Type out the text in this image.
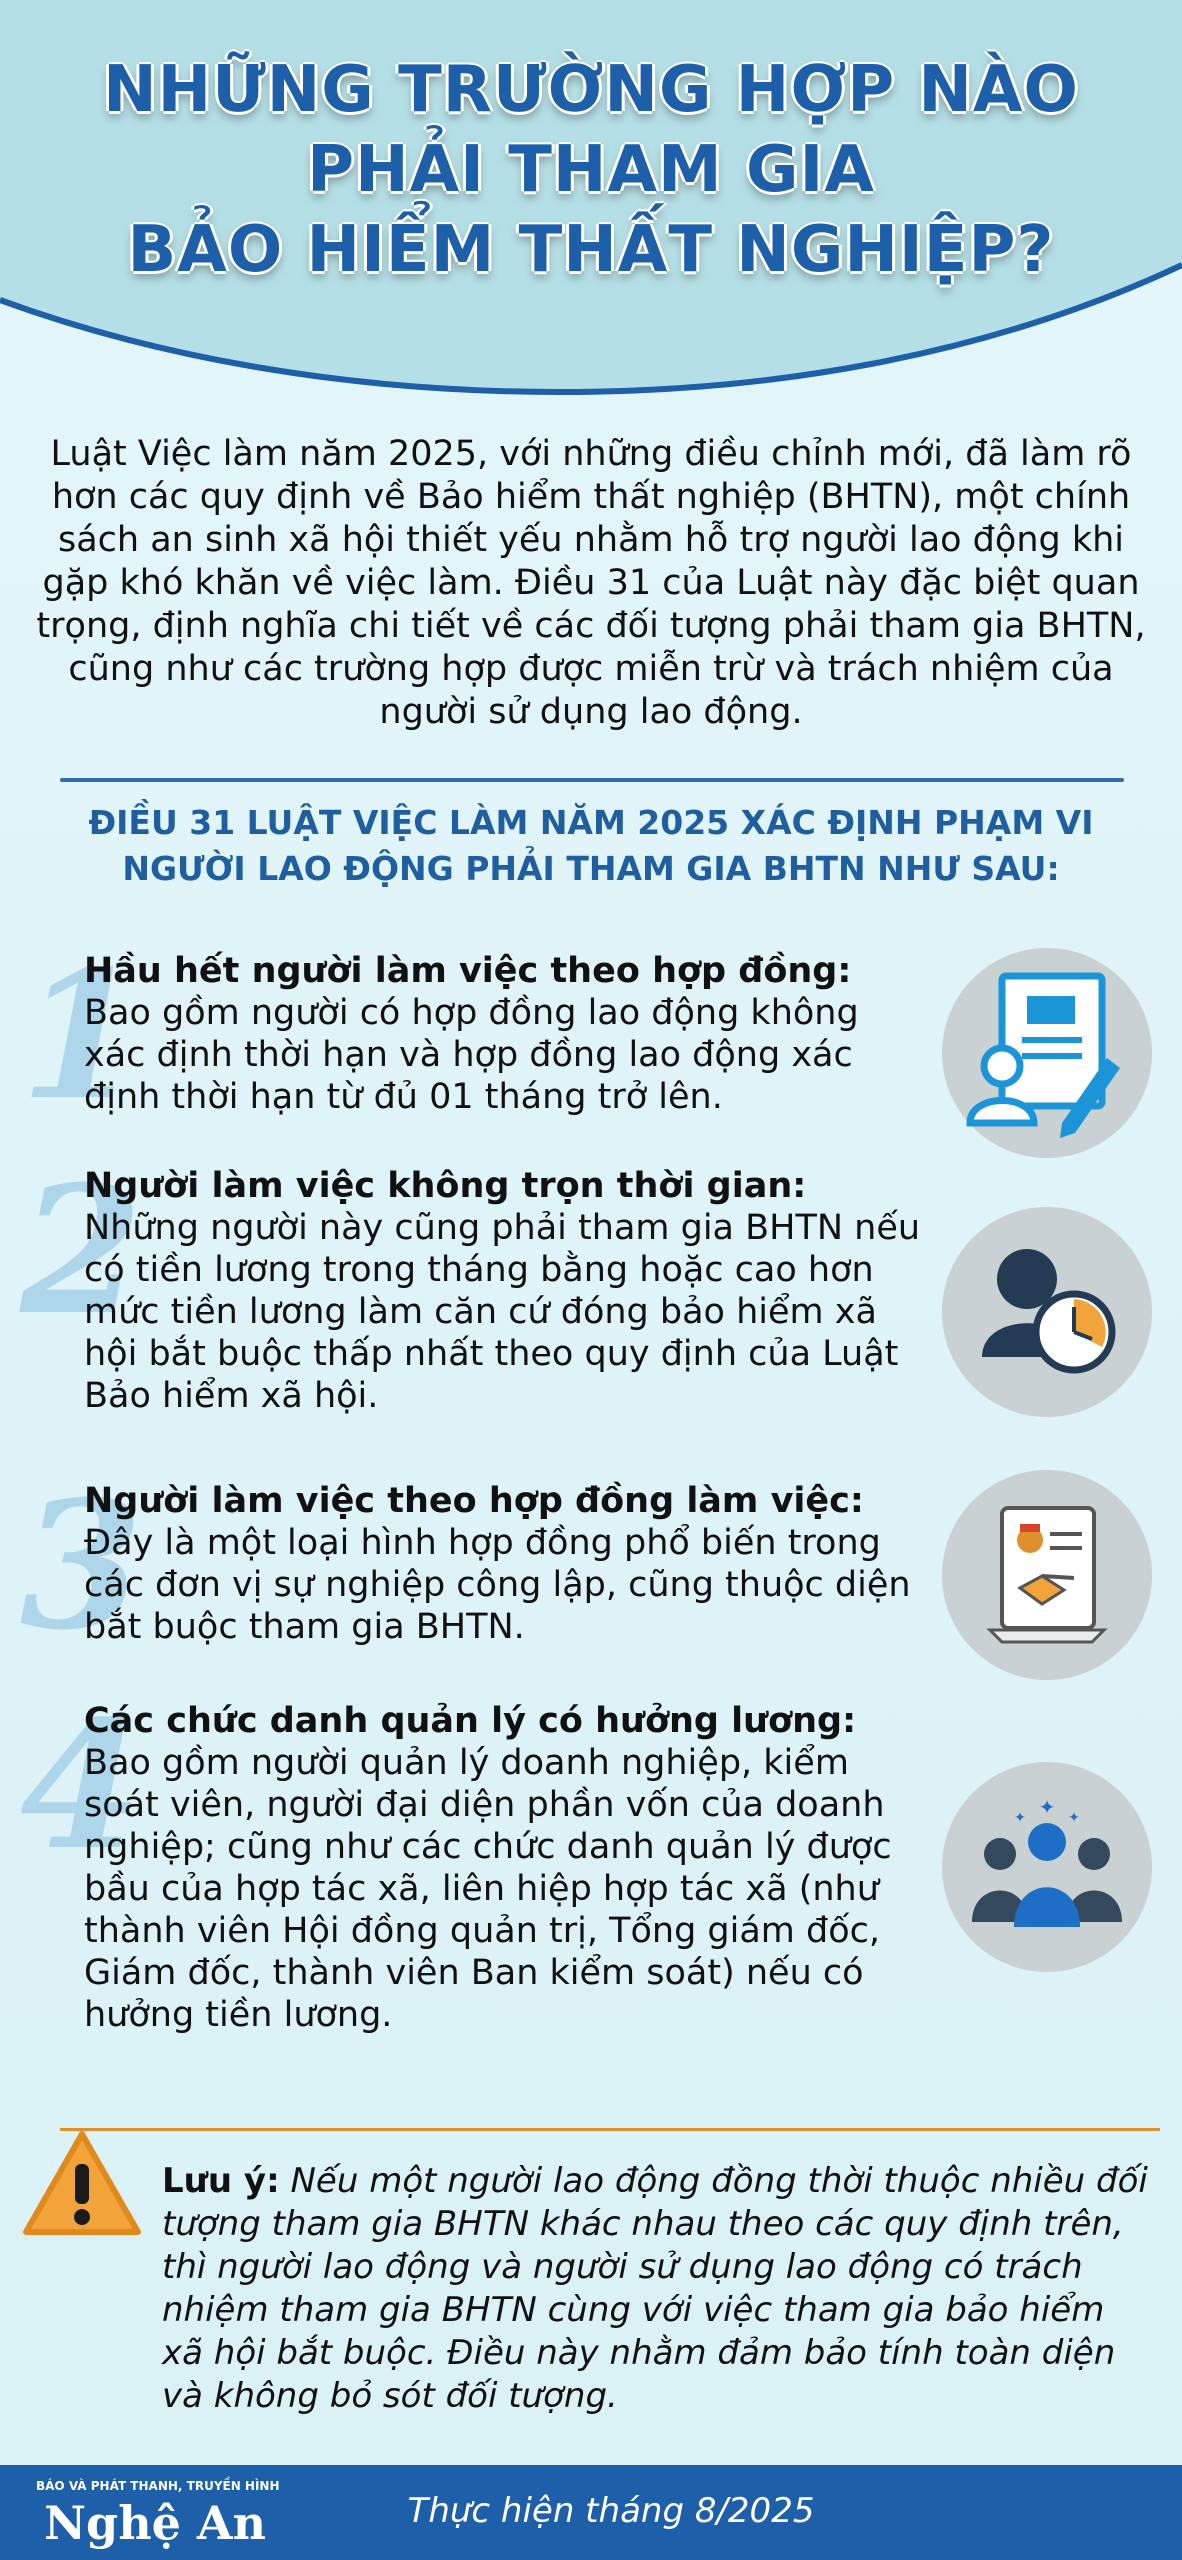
NHỮNG TRƯỜNG HỢP NÀO
PHẢI THAM GIA
BẢO HIỂM THẤT NGHIỆP?

Luật Việc làm năm 2025, với những điều chỉnh mới, đã làm rõ hơn các quy định về Bảo hiểm thất nghiệp (BHTN), một chính sách an sinh xã hội thiết yếu nhằm hỗ trợ người lao động khi gặp khó khăn về việc làm. Điều 31 của Luật này đặc biệt quan trọng, định nghĩa chi tiết về các đối tượng phải tham gia BHTN, cũng như các trường hợp được miễn trừ và trách nhiệm của người sử dụng lao động.

ĐIỀU 31 LUẬT VIỆC LÀM NĂM 2025 XÁC ĐỊNH PHẠM VI NGƯỜI LAO ĐỘNG PHẢI THAM GIA BHTN NHƯ SAU:

1
Hầu hết người làm việc theo hợp đồng:
Bao gồm người có hợp đồng lao động không xác định thời hạn và hợp đồng lao động xác định thời hạn từ đủ 01 tháng trở lên.
2
Người làm việc không trọn thời gian:
Những người này cũng phải tham gia BHTN nếu có tiền lương trong tháng bằng hoặc cao hơn mức tiền lương làm căn cứ đóng bảo hiểm xã hội bắt buộc thấp nhất theo quy định của Luật Bảo hiểm xã hội.
3
Người làm việc theo hợp đồng làm việc:
Đây là một loại hình hợp đồng phổ biến trong các đơn vị sự nghiệp công lập, cũng thuộc diện bắt buộc tham gia BHTN.
4
Các chức danh quản lý có hưởng lương:
Bao gồm người quản lý doanh nghiệp, kiểm soát viên, người đại diện phần vốn của doanh nghiệp; cũng như các chức danh quản lý được bầu của hợp tác xã, liên hiệp hợp tác xã (như thành viên Hội đồng quản trị, Tổng giám đốc, Giám đốc, thành viên Ban kiểm soát) nếu có hưởng tiền lương.
✦
✦	✦

Lưu ý: Nếu một người lao động đồng thời thuộc nhiều đối tượng tham gia BHTN khác nhau theo các quy định trên, thì người lao động và người sử dụng lao động có trách nhiệm tham gia BHTN cùng với việc tham gia bảo hiểm xã hội bắt buộc. Điều này nhằm đảm bảo tính toàn diện và không bỏ sót đối tượng.

BÁO VÀ PHÁT THANH, TRUYỀN HÌNH
Nghệ An	Thực hiện tháng 8/2025
